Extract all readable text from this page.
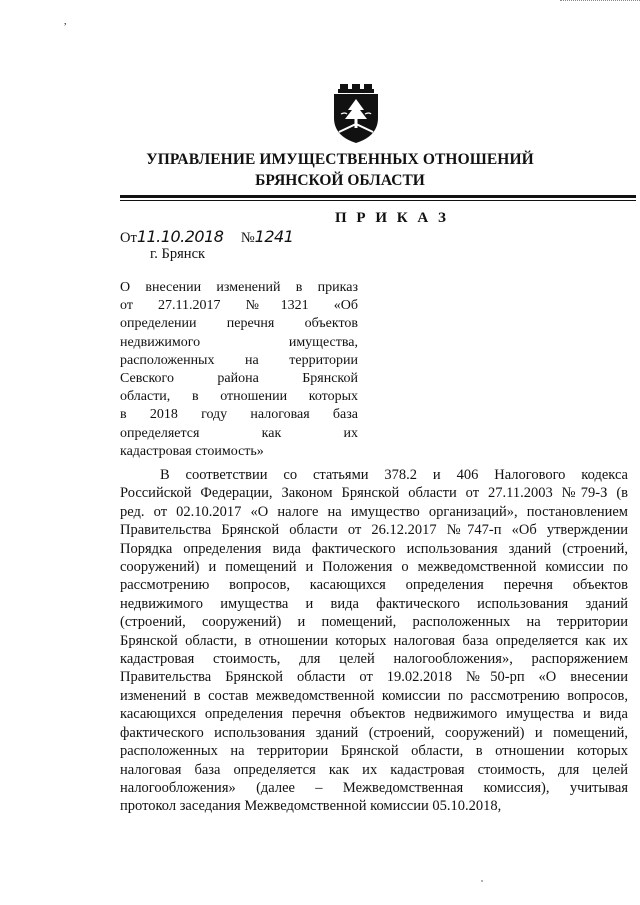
,
УПРАВЛЕНИЕ ИМУЩЕСТВЕННЫХ ОТНОШЕНИЙ
БРЯНСКОЙ ОБЛАСТИ
П Р И К А З
От11.10.2018 №1241
г. Брянск
О внесении изменений в приказ
от 27.11.2017 №1321 «Об
определении перечня объектов
недвижимого имущества,
расположенных на территории
Севского района Брянской
области, в отношении которых
в 2018 году налоговая база
определяется как их
кадастровая стоимость»
В соответствии со статьями 378.2 и 406 Налогового кодекса
Российской Федерации, Законом Брянской области от 27.11.2003 №79-З (в
ред. от 02.10.2017 «О налоге на имущество организаций», постановлением
Правительства Брянской области от 26.12.2017 №747-п «Об утверждении
Порядка определения вида фактического использования зданий (строений,
сооружений) и помещений и Положения о межведомственной комиссии по
рассмотрению вопросов, касающихся определения перечня объектов
недвижимого имущества и вида фактического использования зданий
(строений, сооружений) и помещений, расположенных на территории
Брянской области, в отношении которых налоговая база определяется как их
кадастровая стоимость, для целей налогообложения», распоряжением
Правительства Брянской области от 19.02.2018 №50-рп «О внесении
изменений в состав межведомственной комиссии по рассмотрению вопросов,
касающихся определения перечня объектов недвижимого имущества и вида
фактического использования зданий (строений, сооружений) и помещений,
расположенных на территории Брянской области, в отношении которых
налоговая база определяется как их кадастровая стоимость, для целей
налогообложения» (далее – Межведомственная комиссия), учитывая
протокол заседания Межведомственной комиссии 05.10.2018,
